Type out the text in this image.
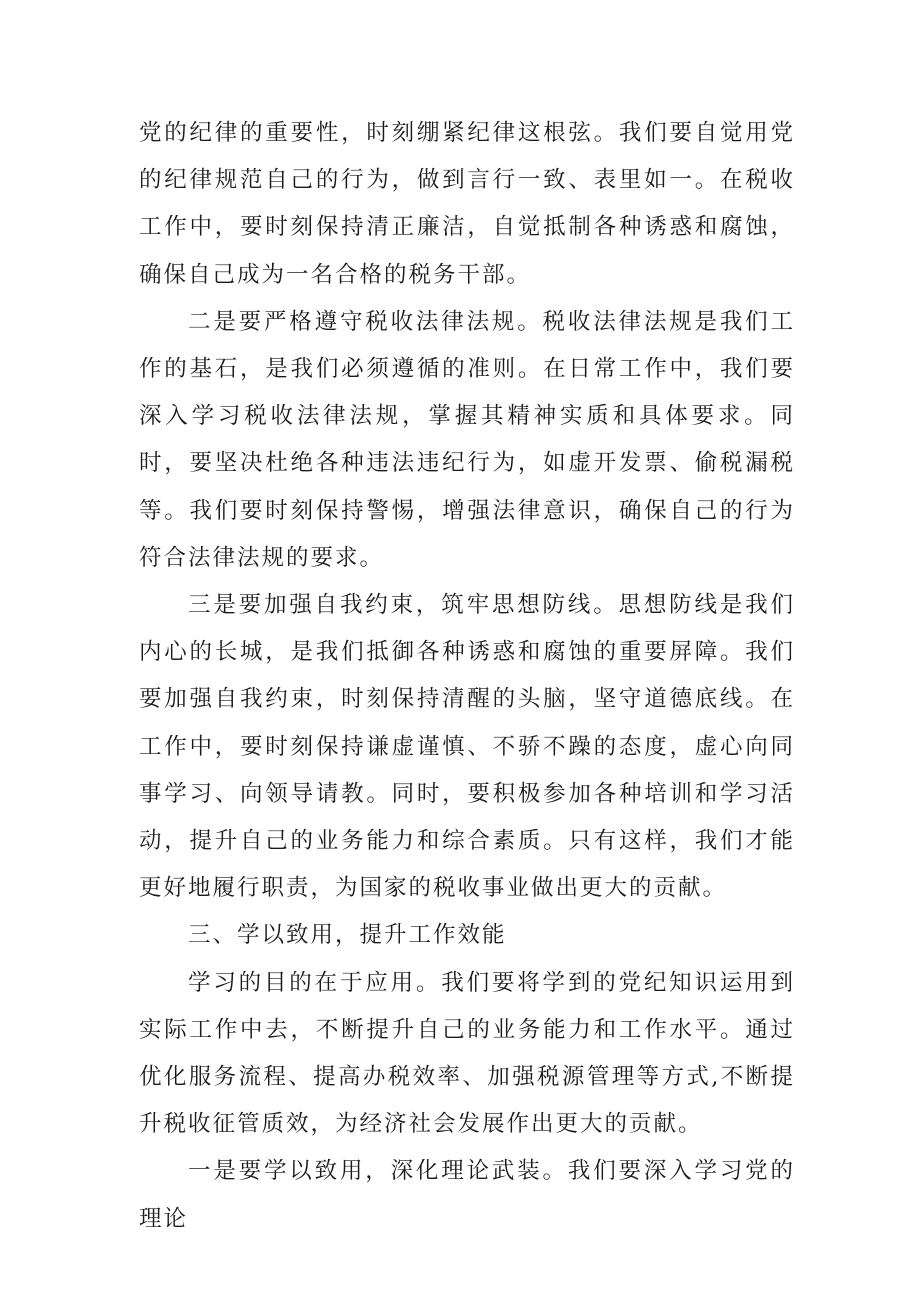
党的纪律的重要性，时刻绷紧纪律这根弦。我们要自觉用党的纪律规范自己的行为，做到言行一致、表里如一。在税收工作中，要时刻保持清正廉洁，自觉抵制各种诱惑和腐蚀，确保自己成为一名合格的税务干部。

二是要严格遵守税收法律法规。税收法律法规是我们工作的基石，是我们必须遵循的准则。在日常工作中，我们要深入学习税收法律法规，掌握其精神实质和具体要求。同时，要坚决杜绝各种违法违纪行为，如虚开发票、偷税漏税等。我们要时刻保持警惕，增强法律意识，确保自己的行为符合法律法规的要求。

三是要加强自我约束，筑牢思想防线。思想防线是我们内心的长城，是我们抵御各种诱惑和腐蚀的重要屏障。我们要加强自我约束，时刻保持清醒的头脑，坚守道德底线。在工作中，要时刻保持谦虚谨慎、不骄不躁的态度，虚心向同事学习、向领导请教。同时，要积极参加各种培训和学习活动，提升自己的业务能力和综合素质。只有这样，我们才能更好地履行职责，为国家的税收事业做出更大的贡献。

三、学以致用，提升工作效能

学习的目的在于应用。我们要将学到的党纪知识运用到实际工作中去，不断提升自己的业务能力和工作水平。通过优化服务流程、提高办税效率、加强税源管理等方式,不断提升税收征管质效，为经济社会发展作出更大的贡献。

一是要学以致用，深化理论武装。我们要深入学习党的理论
